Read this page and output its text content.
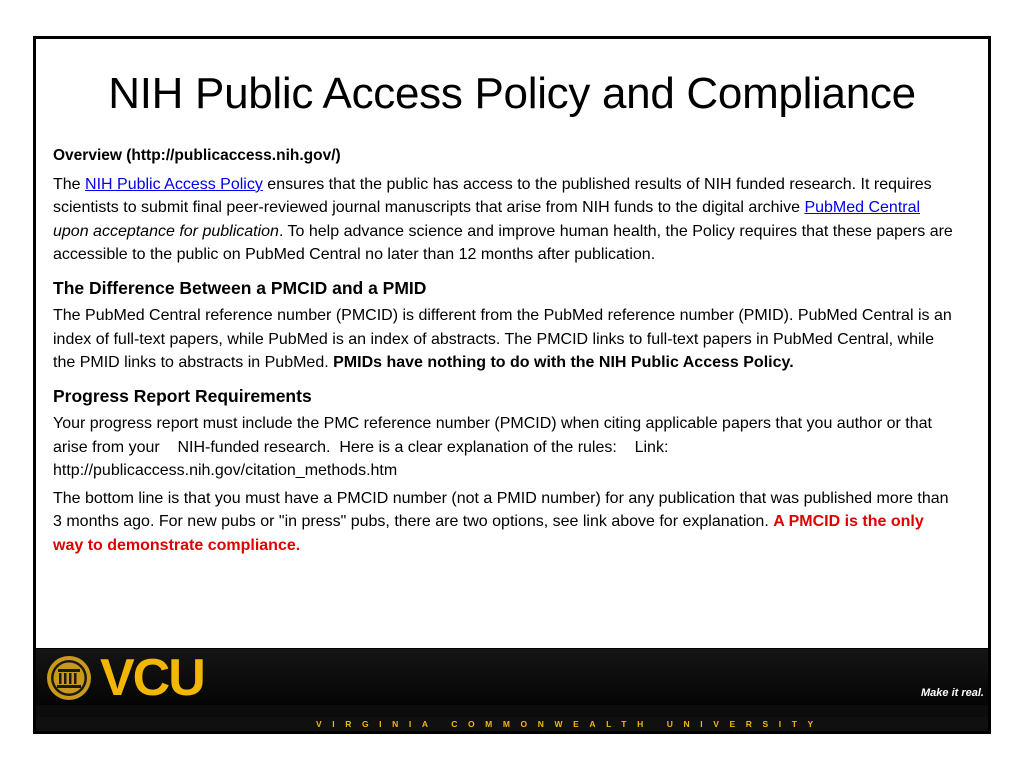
NIH Public Access Policy and Compliance

Overview (http://publicaccess.nih.gov/)

The NIH Public Access Policy ensures that the public has access to the published results of NIH funded research. It requires scientists to submit final peer-reviewed journal manuscripts that arise from NIH funds to the digital archive PubMed Central upon acceptance for publication. To help advance science and improve human health, the Policy requires that these papers are accessible to the public on PubMed Central no later than 12 months after publication.

The Difference Between a PMCID and a PMID

The PubMed Central reference number (PMCID) is different from the PubMed reference number (PMID). PubMed Central is an index of full-text papers, while PubMed is an index of abstracts. The PMCID links to full-text papers in PubMed Central, while the PMID links to abstracts in PubMed. PMIDs have nothing to do with the NIH Public Access Policy.

Progress Report Requirements

Your progress report must include the PMC reference number (PMCID) when citing applicable papers that you author or that arise from your    NIH-funded research.  Here is a clear explanation of the rules:    Link: http://publicaccess.nih.gov/citation_methods.htm

The bottom line is that you must have a PMCID number (not a PMID number) for any publication that was published more than 3 months ago. For new pubs or "in press" pubs, there are two options, see link above for explanation. A PMCID is the only way to demonstrate compliance.

VCU	Make it real.
VIRGINIA COMMONWEALTH UNIVERSITY
